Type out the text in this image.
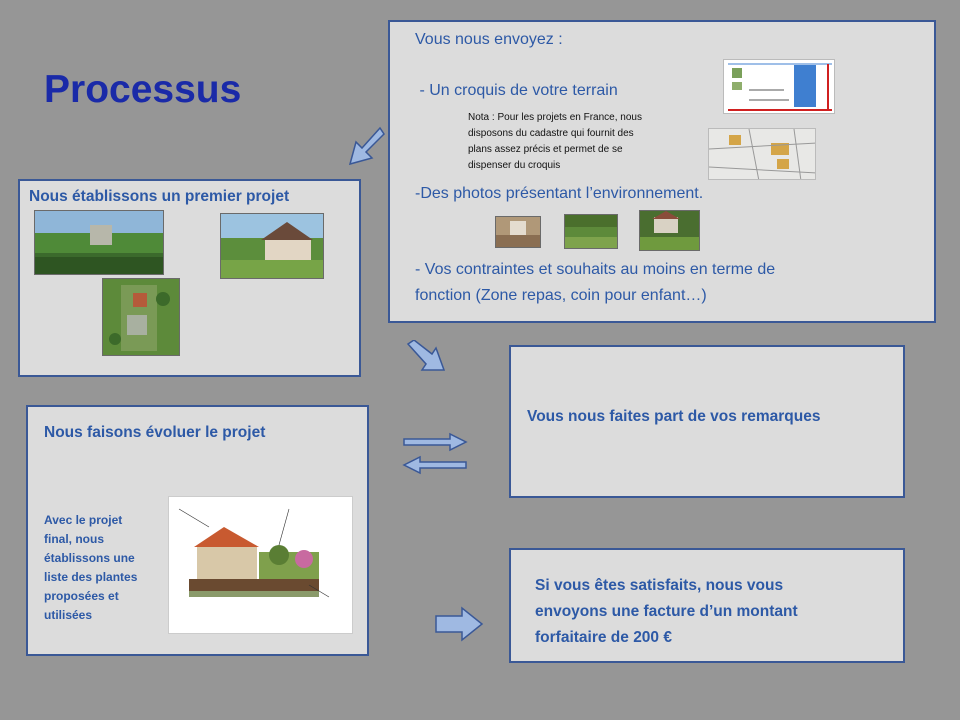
Processus
Vous nous envoyez :
- Un croquis de votre terrain
Nota : Pour les projets en France, nous
disposons du cadastre qui fournit des
plans assez précis et permet de se
dispenser du croquis
-Des photos présentant l’environnement.
- Vos contraintes et souhaits au moins en terme de
fonction (Zone repas, coin pour enfant…)
Nous établissons un premier projet
Nous faisons évoluer le projet
Avec le projet
final, nous
établissons une
liste des plantes
proposées et
utilisées
Vous nous faites part de vos remarques
Si vous êtes satisfaits, nous vous
envoyons une facture d’un montant
forfaitaire de 200 €
